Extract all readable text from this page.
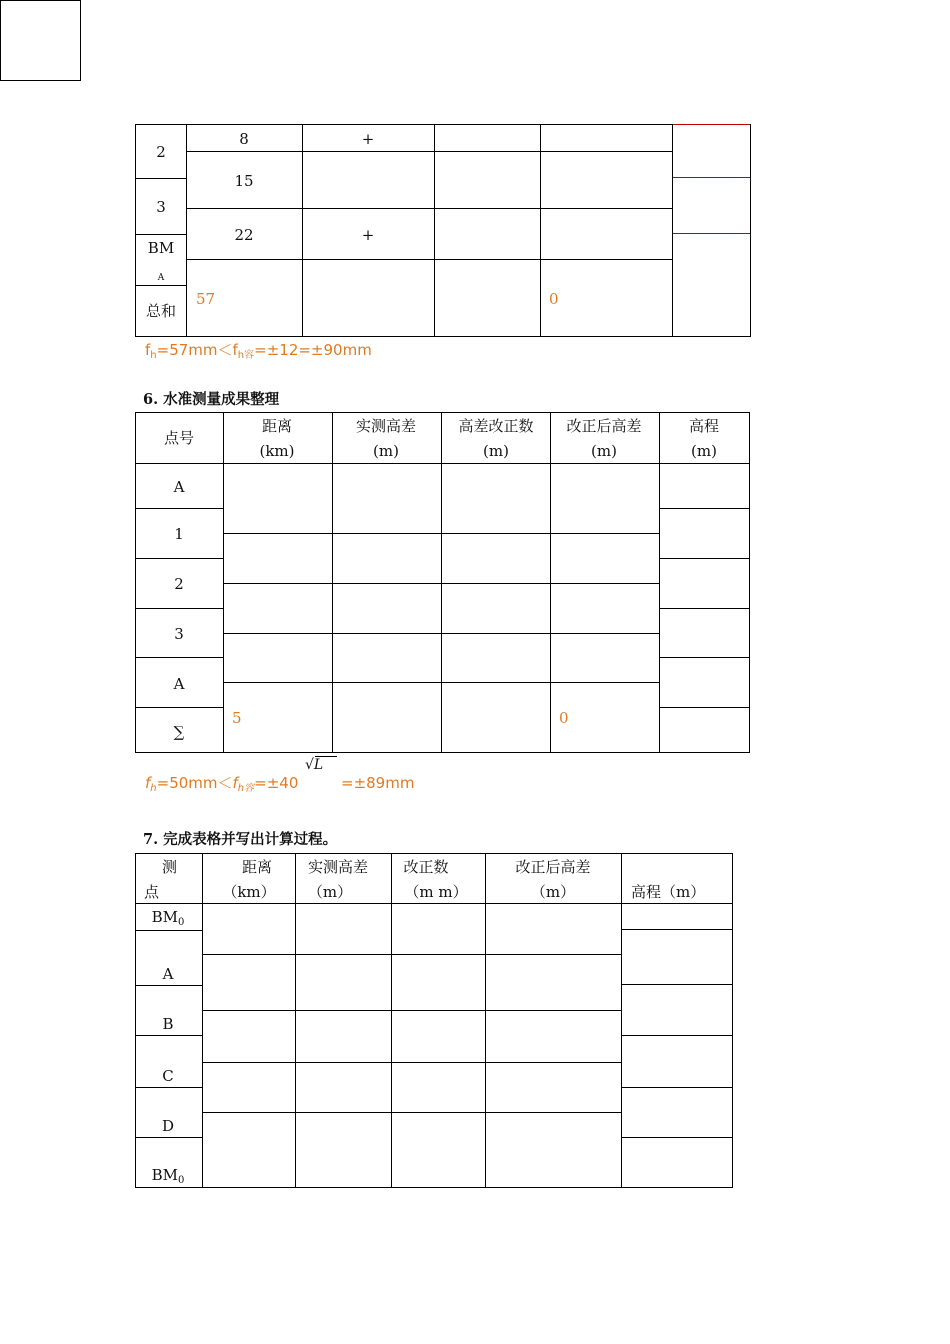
2
3
BM
A
总和
8
15
22
57
+
+
0
$f_h=57mm<f_{h容}=\pm 12=\pm 90mm$
6. 水准测量成果整理
点号
距离
(km)
实测高差
(m)
高差改正数
(m)
改正后高差
(m)
高程
(m)
A
1
2
3
A
∑
5	0
$f_h=50mm<f_{h容}=\pm 40$
√L
=±89mm
7. 完成表格并写出计算过程。
测
点
距离
（km）
实测高差
（m）
改正数
（m m）
改正后高差
（m）	高程（m）
$BM_0$
A
B
C
D
$BM_0$
